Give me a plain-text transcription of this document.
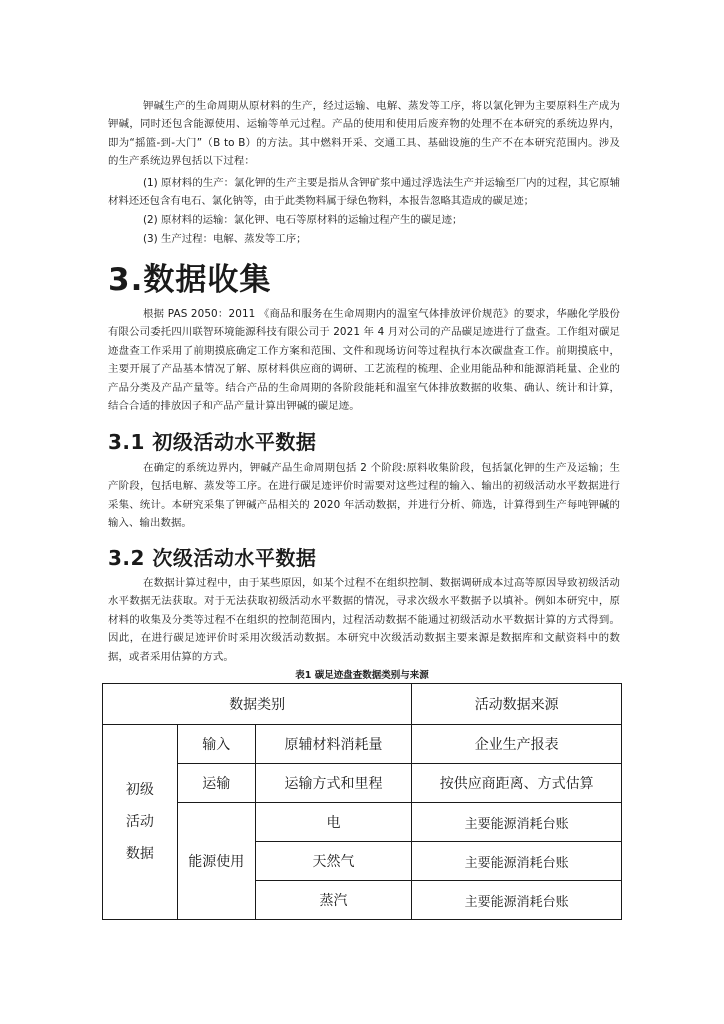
钾碱生产的生命周期从原材料的生产，经过运输、电解、蒸发等工序，将以氯化钾为主要原料生产成为钾碱，同时还包含能源使用、运输等单元过程。产品的使用和使用后废弃物的处理不在本研究的系统边界内，即为“摇篮-到-大门”（B to B）的方法。其中燃料开采、交通工具、基础设施的生产不在本研究范围内。涉及的生产系统边界包括以下过程：

(1) 原材料的生产：氯化钾的生产主要是指从含钾矿浆中通过浮选法生产并运输至厂内的过程，其它原辅材料还还包含有电石、氯化钠等，由于此类物料属于绿色物料，本报告忽略其造成的碳足迹；

(2) 原材料的运输：氯化钾、电石等原材料的运输过程产生的碳足迹；

(3) 生产过程：电解、蒸发等工序；

3.数据收集

根据 PAS 2050：2011 《商品和服务在生命周期内的温室气体排放评价规范》的要求，华融化学股份有限公司委托四川联智环境能源科技有限公司于 2021 年 4 月对公司的产品碳足迹进行了盘查。工作组对碳足迹盘查工作采用了前期摸底确定工作方案和范围、文件和现场访问等过程执行本次碳盘查工作。前期摸底中，主要开展了产品基本情况了解、原材料供应商的调研、工艺流程的梳理、企业用能品种和能源消耗量、企业的产品分类及产品产量等。结合产品的生命周期的各阶段能耗和温室气体排放数据的收集、确认、统计和计算，结合合适的排放因子和产品产量计算出钾碱的碳足迹。

3.1 初级活动水平数据

在确定的系统边界内，钾碱产品生命周期包括 2 个阶段:原料收集阶段，包括氯化钾的生产及运输；生产阶段，包括电解、蒸发等工序。在进行碳足迹评价时需要对这些过程的输入、输出的初级活动水平数据进行采集、统计。本研究采集了钾碱产品相关的 2020 年活动数据，并进行分析、筛选，计算得到生产每吨钾碱的输入、输出数据。

3.2 次级活动水平数据

在数据计算过程中，由于某些原因，如某个过程不在组织控制、数据调研成本过高等原因导致初级活动水平数据无法获取。对于无法获取初级活动水平数据的情况，寻求次级水平数据予以填补。例如本研究中，原材料的收集及分类等过程不在组织的控制范围内，过程活动数据不能通过初级活动水平数据计算的方式得到。因此，在进行碳足迹评价时采用次级活动数据。本研究中次级活动数据主要来源是数据库和文献资料中的数据，或者采用估算的方式。

表1 碳足迹盘查数据类别与来源

数据类别			活动数据来源

初级
活动
数据	输入	原辅材料消耗量	企业生产报表
	运输	运输方式和里程	按供应商距离、方式估算
	能源使用	电	主要能源消耗台账
		天然气	主要能源消耗台账
		蒸汽	主要能源消耗台账
